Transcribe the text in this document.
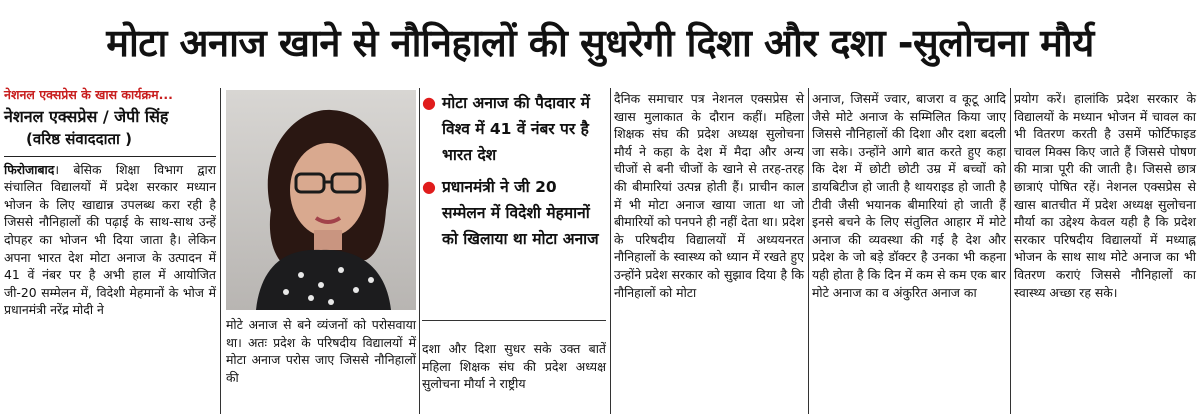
मोटा अनाज खाने से नौनिहालों की सुधरेगी दिशा और दशा -सुलोचना मौर्य
नेशनल एक्सप्रेस के खास कार्यक्रम...
नेशनल एक्सप्रेस / जेपी सिंह
(वरिष्ठ संवाददाता )

फिरोजाबाद। बेसिक शिक्षा विभाग द्वारा संचालित विद्यालयों में प्रदेश सरकार मध्यान भोजन के लिए खाद्यान्न उपलब्ध करा रही है जिससे नौनिहालों की पढ़ाई के साथ-साथ उन्हें दोपहर का भोजन भी दिया जाता है। लेकिन अपना भारत देश मोटा अनाज के उत्पादन में 41 वें नंबर पर है अभी हाल में आयोजित जी-20 सम्मेलन में, विदेशी मेहमानों के भोज में प्रधानमंत्री नरेंद्र मोदी ने

मोटे अनाज से बने व्यंजनों को परोसवाया था। अतः प्रदेश के परिषदीय विद्यालयों में मोटा अनाज परोस जाए जिससे नौनिहालों की
● मोटा अनाज की पैदावार में विश्व में 41 वें नंबर पर है भारत देश
● प्रधानमंत्री ने जी 20 सम्मेलन में विदेशी मेहमानों को खिलाया था मोटा अनाज
दशा और दिशा सुधर सके उक्त बातें महिला शिक्षक संघ की प्रदेश अध्यक्ष सुलोचना मौर्या ने राष्ट्रीय
दैनिक समाचार पत्र नेशनल एक्सप्रेस से खास मुलाकात के दौरान कहीं। महिला शिक्षक संघ की प्रदेश अध्यक्ष सुलोचना मौर्य ने कहा के देश में मैदा और अन्य चीजों से बनी चीजों के खाने से तरह-तरह की बीमारियां उत्पन्न होती हैं। प्राचीन काल में भी मोटा अनाज खाया जाता था जो बीमारियों को पनपने ही नहीं देता था। प्रदेश के परिषदीय विद्यालयों में अध्ययनरत नौनिहालों के स्वास्थ्य को ध्यान में रखते हुए उन्होंने प्रदेश सरकार को सुझाव दिया है कि नौनिहालों को मोटा
अनाज, जिसमें ज्वार, बाजरा व कूटू आदि जैसे मोटे अनाज के सम्मिलित किया जाए जिससे नौनिहालों की दिशा और दशा बदली जा सके। उन्होंने आगे बात करते हुए कहा कि देश में छोटी छोटी उम्र में बच्चों को डायबिटीज हो जाती है थायराइड हो जाती है टीवी जैसी भयानक बीमारियां हो जाती हैं इनसे बचने के लिए संतुलित आहार में मोटे अनाज की व्यवस्था की गई है देश और प्रदेश के जो बड़े डॉक्टर है उनका भी कहना यही होता है कि दिन में कम से कम एक बार मोटे अनाज का व अंकुरित अनाज का
प्रयोग करें। हालांकि प्रदेश सरकार के विद्यालयों के मध्यान भोजन में चावल का भी वितरण करती है उसमें फोर्टिफाइड चावल मिक्स किए जाते हैं जिससे पोषण की मात्रा पूरी की जाती है। जिससे छात्र छात्राएं पोषित रहें। नेशनल एक्सप्रेस से खास बातचीत में प्रदेश अध्यक्ष सुलोचना मौर्या का उद्देश्य केवल यही है कि प्रदेश सरकार परिषदीय विद्यालयों में मध्याह्न भोजन के साथ साथ मोटे अनाज का भी वितरण कराएं जिससे नौनिहालों का स्वास्थ्य अच्छा रह सके।
